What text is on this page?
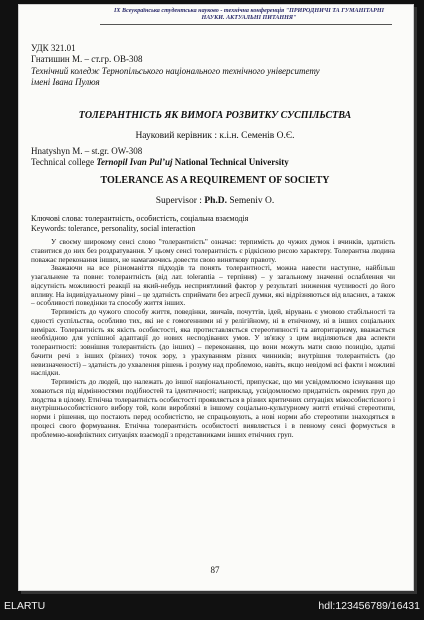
IX Всеукраїнська студентська науково - технічна конференція "ПРИРОДНИЧІ ТА ГУМАНІТАРНІ НАУКИ. АКТУАЛЬНІ ПИТАННЯ"
УДК 321.01
Гнатишин М. – ст.гр. ОВ-308
Технічний коледж Тернопільського національного технічного університету
імені Івана Пулюя
ТОЛЕРАНТНІСТЬ ЯК ВИМОГА РОЗВИТКУ СУСПІЛЬСТВА
Науковий керівник : к.і.н. Семенів О.Є.
Hnatyshyn M. – st.gr. OW-308
Technical college Ternopil Ivan Pul’uj National Technical University
TOLERANCE AS A REQUIREMENT OF SOCIETY
Supervisor : Ph.D. Semeniv O.
Ключові слова: толерантність, особистість, соціальна взаємодія
Keywords: tolerance, personality, social interaction

У своєму широкому сенсі слово "толерантність" означає: терпимість до чужих думок і вчинків, здатність ставитися до них без роздратування. У цьому сенсі толерантність є рідкісною рисою характеру. Толерантна людина поважає переконання інших, не намагаючись довести свою виняткову правоту.

Зважаючи на все різноманіття підходів та понять толерантності, можна навести наступне, найбільш узагальнене та повне: толерантність (від лат. tolerantia – терпіння) – у загальному значенні ослаблення чи відсутність можливості реакції на який-небудь несприятливий фактор у результаті зниження чутливості до його впливу. На індивідуальному рівні – це здатність сприймати без агресії думки, які відрізняються від власних, а також – особливості поведінки та способу життя інших.

Терпимість до чужого способу життя, поведінки, звичаїв, почуттів, ідей, вірувань є умовою стабільності та єдності суспільства, особливо тих, які не є гомогенними ні у релігійному, ні в етнічному, ні в інших соціальних вимірах. Толерантність як якість особистості, яка протиставляється стереотипності та авторитаризму, вважається необхідною для успішної адаптації до нових несподіваних умов. У зв'язку з цим виділяються два аспекти толерантності: зовнішня толерантність (до інших) – переконання, що вони можуть мати свою позицію, здатні бачити речі з інших (різних) точок зору, з урахуванням різних чинників; внутрішня толерантність (до невизначеності) – здатність до ухвалення рішень і розуму над проблемою, навіть, якщо невідомі всі факти і можливі наслідки.

Терпимість до людей, що належать до іншої національності, припускає, що ми усвідомлюємо існування що ховаються під відмінностями подібностей та ідентичності; наприклад, усвідомлюємо придатність окремих груп до людства в цілому. Етнічна толерантність особистості проявляється в різних критичних ситуаціях міжособистісного і внутрішньособистісного вибору той, коли виробляні в іншому соціально-культурному житті етнічні стереотипи, норми і рішення, що постають перед особистістю, не спрацьовують, а нові норми або стереотипи знаходяться в процесі свого формування. Етнічна толерантність особистості виявляється і в певному сенсі формується в проблемно-конфліктних ситуаціях взаємодії з представниками інших етнічних груп.

87
ELARTU	hdl:123456789/16431
